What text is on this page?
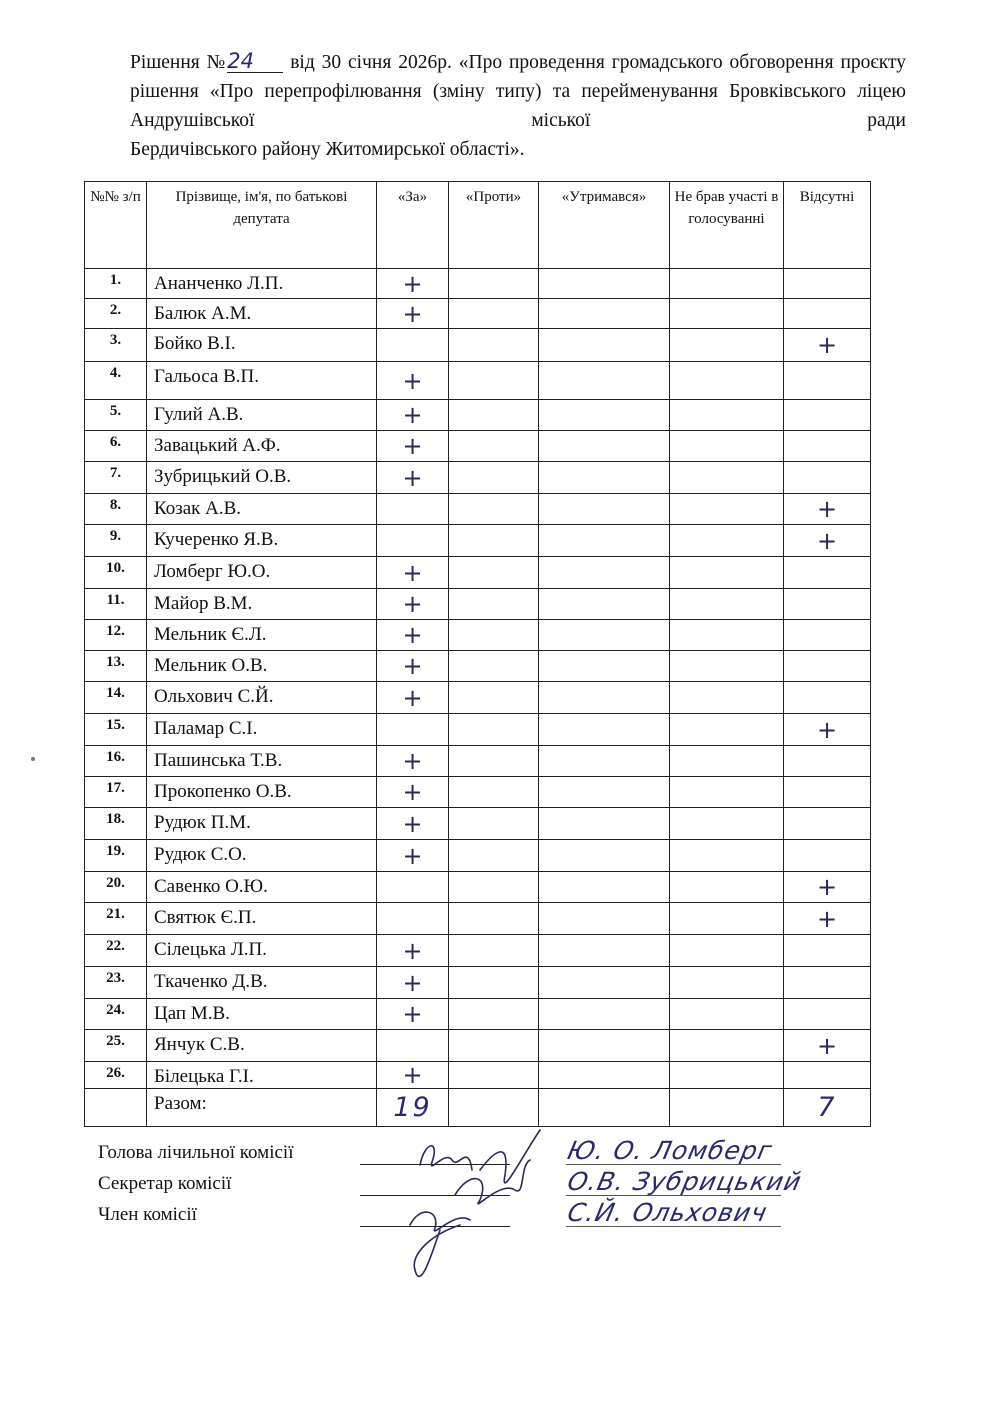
Рішення №24 від 30 січня 2026р. «Про проведення громадського обговорення проєкту рішення «Про перепрофілювання (зміну типу) та перейменування Бровківського ліцею Андрушівської міської ради
Бердичівського району Житомирської області».
№№ з/п	Прізвище, ім'я, по батькові депутата	«За»	«Проти»	«Утримався»	Не брав участі в голосуванні	Відсутні
1.	Ананченко Л.П.	+				
2.	Балюк А.М.	+				
3.	Бойко В.І.					+
4.	Гальоса В.П.	+				
5.	Гулий А.В.	+				
6.	Завацький А.Ф.	+				
7.	Зубрицький О.В.	+				
8.	Козак А.В.					+
9.	Кучеренко Я.В.					+
10.	Ломберг Ю.О.	+				
11.	Майор В.М.	+				
12.	Мельник Є.Л.	+				
13.	Мельник О.В.	+				
14.	Ольхович С.Й.	+				
15.	Паламар С.І.					+
16.	Пашинська Т.В.	+				
17.	Прокопенко О.В.	+				
18.	Рудюк П.М.	+				
19.	Рудюк С.О.	+				
20.	Савенко О.Ю.					+
21.	Святюк Є.П.					+
22.	Сілецька Л.П.	+				
23.	Ткаченко Д.В.	+				
24.	Цап М.В.	+				
25.	Янчук С.В.					+
26.	Білецька Г.І.	+				
	Разом:	19				7
Голова лічильної комісії	Ю. О. Ломберг
Секретар комісії	О.В. Зубрицький
Член комісії	С.Й. Ольхович
